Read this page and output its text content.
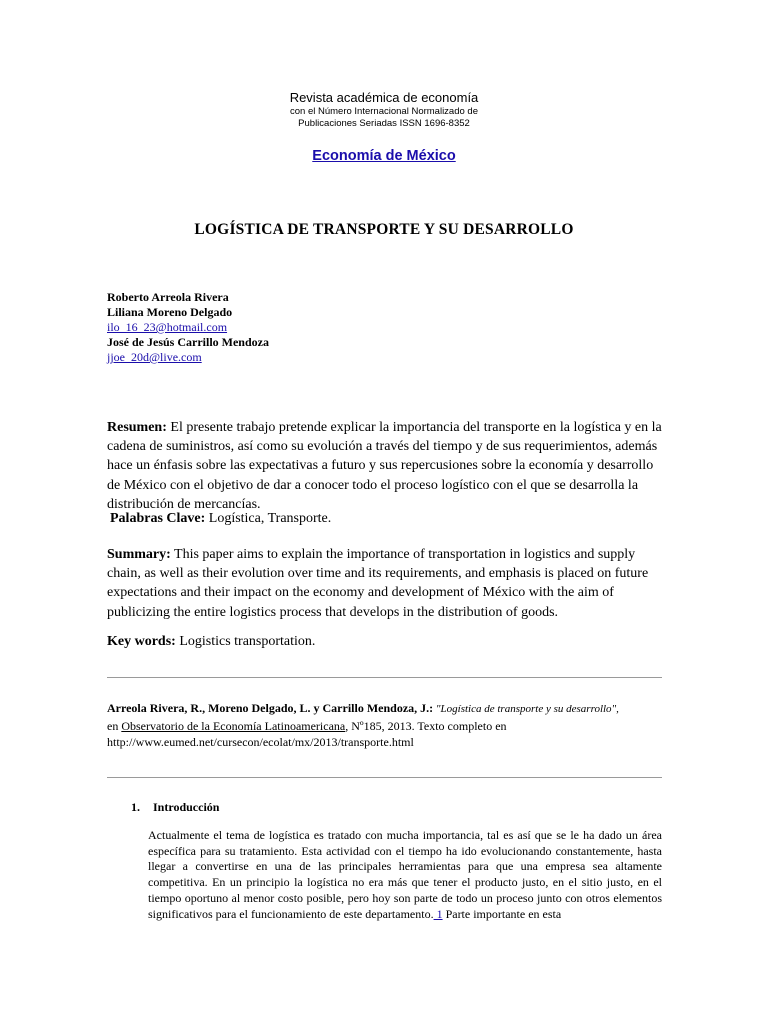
Revista académica de economía
con el Número Internacional Normalizado de
Publicaciones Seriadas ISSN 1696-8352
Economía de México
LOGÍSTICA DE TRANSPORTE Y SU DESARROLLO
Roberto Arreola Rivera
Liliana Moreno Delgado
ilo_16_23@hotmail.com
José de Jesús Carrillo Mendoza
jjoe_20d@live.com
Resumen: El presente trabajo pretende explicar la importancia del transporte en la logística y en la cadena de suministros, así como su evolución a través del tiempo y de sus requerimientos, además hace un énfasis sobre las expectativas a futuro y sus repercusiones sobre la economía y desarrollo de México con el objetivo de dar a conocer todo el proceso logístico con el que se desarrolla la distribución de mercancías.
Palabras Clave: Logística, Transporte.
Summary: This paper aims to explain the importance of transportation in logistics and supply chain, as well as their evolution over time and its requirements, and emphasis is placed on future expectations and their impact on the economy and development of México with the aim of publicizing the entire logistics process that develops in the distribution of goods.
Key words: Logistics transportation.
Arreola Rivera, R., Moreno Delgado, L. y Carrillo Mendoza, J.: "Logística de transporte y su desarrollo",
en Observatorio de la Economía Latinoamericana, Nº185, 2013. Texto completo en
http://www.eumed.net/cursecon/ecolat/mx/2013/transporte.html
1. Introducción
Actualmente el tema de logística es tratado con mucha importancia, tal es así que se le ha dado un área específica para su tratamiento. Esta actividad con el tiempo ha ido evolucionando constantemente, hasta llegar a convertirse en una de las principales herramientas para que una empresa sea altamente competitiva. En un principio la logística no era más que tener el producto justo, en el sitio justo, en el tiempo oportuno al menor costo posible, pero hoy son parte de todo un proceso junto con otros elementos significativos para el funcionamiento de este departamento. 1 Parte importante en esta
